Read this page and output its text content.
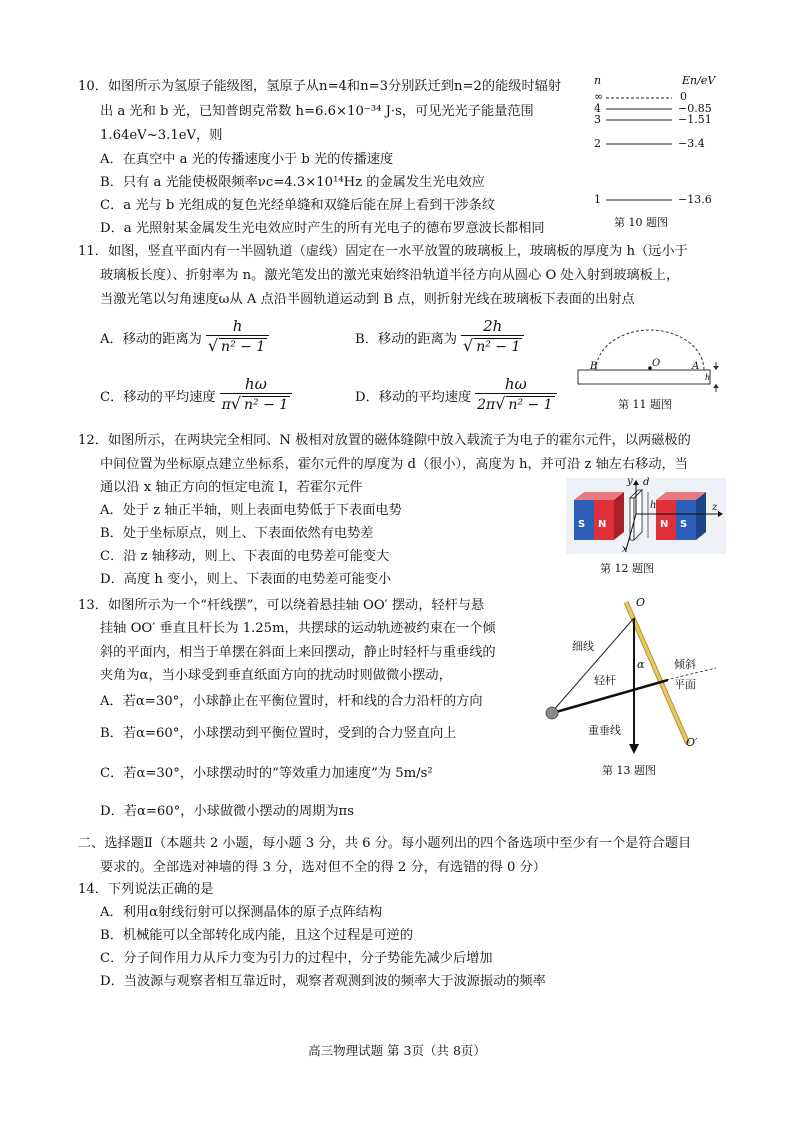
10．如图所示为氢原子能级图，氢原子从n=4和n=3分别跃迁到n=2的能级时辐射
出 a 光和 b 光，已知普朗克常数 h=6.6×10⁻³⁴ J·s，可见光光子能量范围
1.64eV~3.1eV，则
A．在真空中 a 光的传播速度小于 b 光的传播速度
B．只有 a 光能使极限频率νc=4.3×10¹⁴Hz 的金属发生光电效应
C．a 光与 b 光组成的复色光经单缝和双缝后能在屏上看到干涉条纹
D．a 光照射某金属发生光电效应时产生的所有光电子的德布罗意波长都相同
n	En/eV
∞	0
4	−0.85
3	−1.51
2	−3.4
1	−13.6
第 10 题图
11．如图，竖直平面内有一半圆轨道（虚线）固定在一水平放置的玻璃板上，玻璃板的厚度为 h（远小于
玻璃板长度）、折射率为 n。激光笔发出的激光束始终沿轨道半径方向从圆心 O 处入射到玻璃板上，
当激光笔以匀角速度ω从 A 点沿半圆轨道运动到 B 点，则折射光线在玻璃板下表面的出射点
A．移动的距离为 $\frac{h}{\text{√ n² − 1}}$	B．移动的距离为 $\frac{2h}{\text{√ n² − 1}}$
C．移动的平均速度 $\frac{h\omega}{\text{π√ n² − 1}}$	D．移动的平均速度 $\frac{h\omega}{\text{2π√ n² − 1}}$
B	O	A
h
第 11 题图
12．如图所示，在两块完全相同、N 极相对放置的磁体缝隙中放入载流子为电子的霍尔元件，以两磁极的
中间位置为坐标原点建立坐标系，霍尔元件的厚度为 d（很小），高度为 h，并可沿 z 轴左右移动，当
通以沿 x 轴正方向的恒定电流 I，若霍尔元件
A．处于 z 轴正半轴，则上表面电势低于下表面电势
B．处于坐标原点，则上、下表面依然有电势差
C．沿 z 轴移动，则上、下表面的电势差可能变大
D．高度 h 变小，则上、下表面的电势差可能变小
S N	N S
y d
h	z
x
第 12 题图
13．如图所示为一个“杆线摆”，可以绕着悬挂轴 OO′ 摆动，轻杆与悬
挂轴 OO′ 垂直且杆长为 1.25m，共摆球的运动轨迹被约束在一个倾
斜的平面内，相当于单摆在斜面上来回摆动，静止时轻杆与重垂线的
夹角为α，当小球受到垂直纸面方向的扰动时则做微小摆动，
A．若α=30°，小球静止在平衡位置时，杆和线的合力沿杆的方向
B．若α=60°，小球摆动到平衡位置时，受到的合力竖直向上
C．若α=30°，小球摆动时的“等效重力加速度”为 5m/s²
D．若α=60°，小球做微小摆动的周期为πs
O
O′
细线
轻杆
α	倾斜
平面
重垂线
第 13 题图
二、选择题Ⅱ（本题共 2 小题，每小题 3 分，共 6 分。每小题列出的四个备选项中至少有一个是符合题目
要求的。全部选对神墙的得 3 分，选对但不全的得 2 分，有选错的得 0 分）
14．下列说法正确的是
A．利用α射线衍射可以探测晶体的原子点阵结构
B．机械能可以全部转化成内能，且这个过程是可逆的
C．分子间作用力从斥力变为引力的过程中，分子势能先减少后增加
D．当波源与观察者相互靠近时，观察者观测到波的频率大于波源振动的频率
高三物理试题 第 3页（共 8页）
